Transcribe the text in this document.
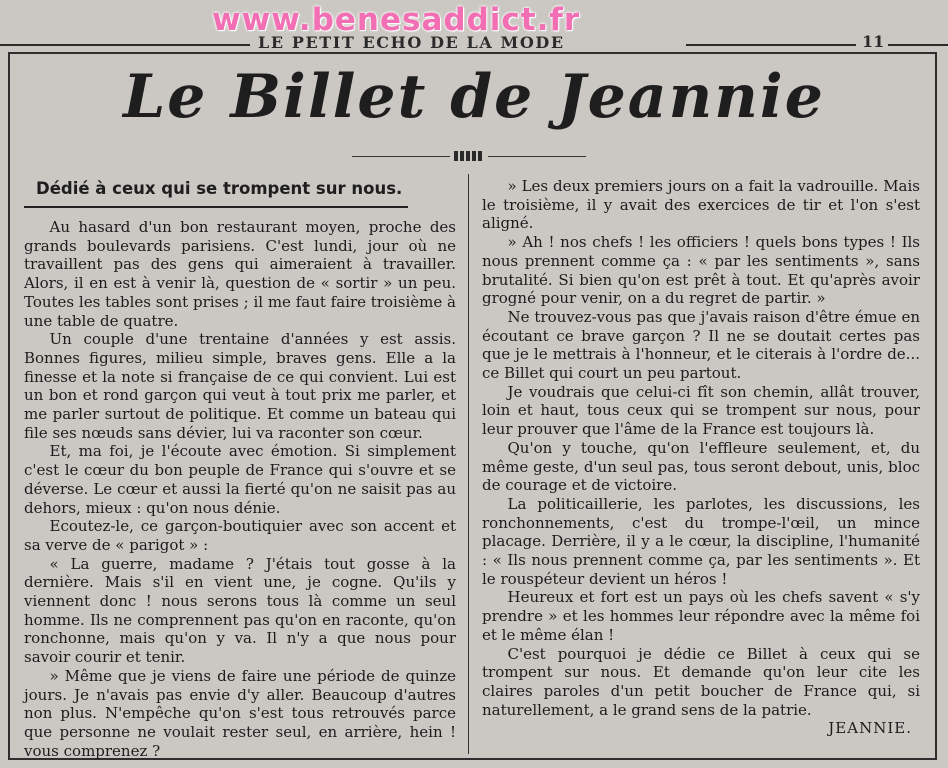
www.benesaddict.fr
LE PETIT ECHO DE LA MODE	11
Le Billet de Jeannie
Dédié à ceux qui se trompent sur nous.

Au hasard d'un bon restaurant moyen, proche des grands boulevards parisiens. C'est lundi, jour où ne travaillent pas des gens qui aimeraient à travailler. Alors, il en est à venir là, question de « sortir » un peu. Toutes les tables sont prises ; il me faut faire troisième à une table de quatre.

Un couple d'une trentaine d'années y est assis. Bonnes figures, milieu simple, braves gens. Elle a la finesse et la note si française de ce qui convient. Lui est un bon et rond garçon qui veut à tout prix me parler, et me parler surtout de politique. Et comme un bateau qui file ses nœuds sans dévier, lui va raconter son cœur.

Et, ma foi, je l'écoute avec émotion. Si simplement c'est le cœur du bon peuple de France qui s'ouvre et se déverse. Le cœur et aussi la fierté qu'on ne saisit pas au dehors, mieux : qu'on nous dénie.

Ecoutez-le, ce garçon-boutiquier avec son accent et sa verve de « parigot » :

« La guerre, madame ? J'étais tout gosse à la dernière. Mais s'il en vient une, je cogne. Qu'ils y viennent donc ! nous serons tous là comme un seul homme. Ils ne comprennent pas qu'on en raconte, qu'on ronchonne, mais qu'on y va. Il n'y a que nous pour savoir courir et tenir.

» Même que je viens de faire une période de quinze jours. Je n'avais pas envie d'y aller. Beaucoup d'autres non plus. N'empêche qu'on s'est tous retrouvés parce que personne ne voulait rester seul, en arrière, hein ! vous comprenez ?

» Les deux premiers jours on a fait la vadrouille. Mais le troisième, il y avait des exercices de tir et l'on s'est aligné.

» Ah ! nos chefs ! les officiers ! quels bons types ! Ils nous prennent comme ça : « par les sentiments », sans brutalité. Si bien qu'on est prêt à tout. Et qu'après avoir grogné pour venir, on a du regret de partir. »

Ne trouvez-vous pas que j'avais raison d'être émue en écoutant ce brave garçon ? Il ne se doutait certes pas que je le mettrais à l'honneur, et le citerais à l'ordre de... ce Billet qui court un peu partout.

Je voudrais que celui-ci fît son chemin, allât trouver, loin et haut, tous ceux qui se trompent sur nous, pour leur prouver que l'âme de la France est toujours là.

Qu'on y touche, qu'on l'effleure seulement, et, du même geste, d'un seul pas, tous seront debout, unis, bloc de courage et de victoire.

La politicaillerie, les parlotes, les discussions, les ronchonnements, c'est du trompe-l'œil, un mince placage. Derrière, il y a le cœur, la discipline, l'humanité : « Ils nous prennent comme ça, par les sentiments ». Et le rouspéteur devient un héros !

Heureux et fort est un pays où les chefs savent « s'y prendre » et les hommes leur répondre avec la même foi et le même élan !

C'est pourquoi je dédie ce Billet à ceux qui se trompent sur nous. Et demande qu'on leur cite les claires paroles d'un petit boucher de France qui, si naturellement, a le grand sens de la patrie.

JEANNIE.
